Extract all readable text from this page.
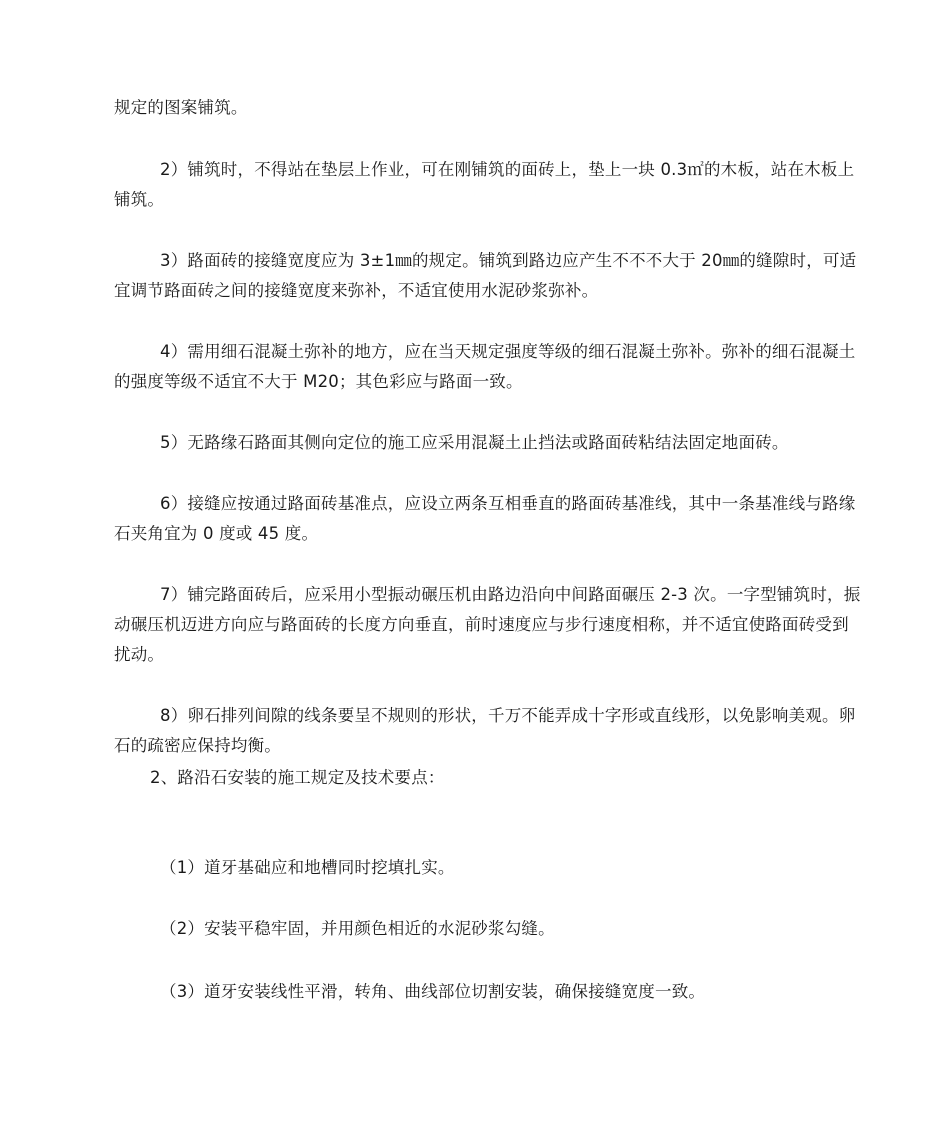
规定的图案铺筑。

2）铺筑时，不得站在垫层上作业，可在刚铺筑的面砖上，垫上一块 0.3㎡的木板，站在木板上铺筑。

3）路面砖的接缝宽度应为 3±1㎜的规定。铺筑到路边应产生不不不大于 20㎜的缝隙时，可适宜调节路面砖之间的接缝宽度来弥补，不适宜使用水泥砂浆弥补。

4）需用细石混凝土弥补的地方，应在当天规定强度等级的细石混凝土弥补。弥补的细石混凝土的强度等级不适宜不大于 M20；其色彩应与路面一致。

5）无路缘石路面其侧向定位的施工应采用混凝土止挡法或路面砖粘结法固定地面砖。

6）接缝应按通过路面砖基准点，应设立两条互相垂直的路面砖基准线，其中一条基准线与路缘石夹角宜为 0 度或 45 度。

7）铺完路面砖后，应采用小型振动碾压机由路边沿向中间路面碾压 2-3 次。一字型铺筑时，振动碾压机迈进方向应与路面砖的长度方向垂直，前时速度应与步行速度相称，并不适宜使路面砖受到扰动。

8）卵石排列间隙的线条要呈不规则的形状，千万不能弄成十字形或直线形，以免影响美观。卵石的疏密应保持均衡。

2、路沿石安装的施工规定及技术要点：

（1）道牙基础应和地槽同时挖填扎实。

（2）安装平稳牢固，并用颜色相近的水泥砂浆勾缝。

（3）道牙安装线性平滑，转角、曲线部位切割安装，确保接缝宽度一致。
